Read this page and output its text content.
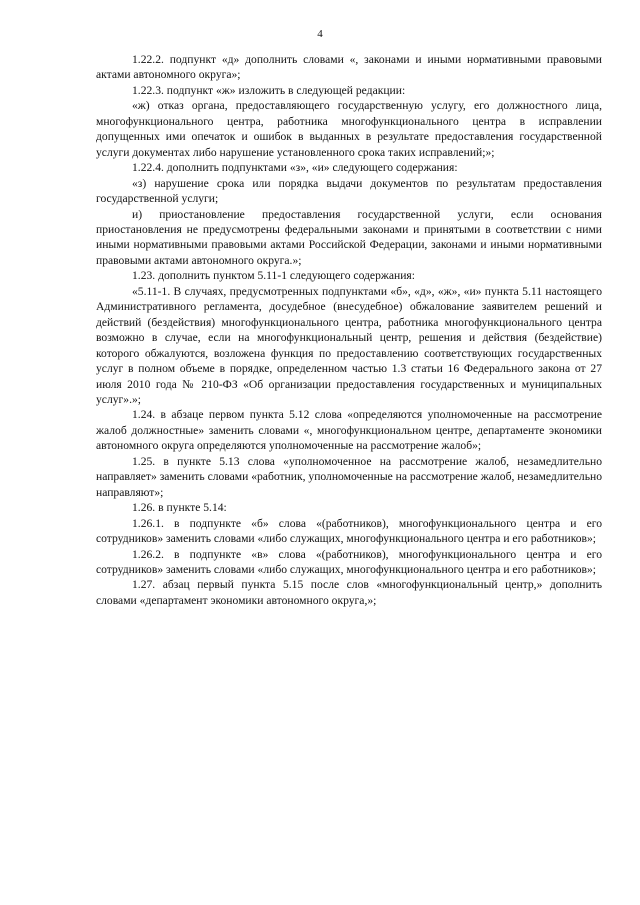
4

1.22.2. подпункт «д» дополнить словами «, законами и иными нормативными правовыми актами автономного округа»;

1.22.3. подпункт «ж» изложить в следующей редакции:

«ж) отказ органа, предоставляющего государственную услугу, его должностного лица, многофункционального центра, работника многофункционального центра в исправлении допущенных ими опечаток и ошибок в выданных в результате предоставления государственной услуги документах либо нарушение установленного срока таких исправлений;»;

1.22.4. дополнить подпунктами «з», «и» следующего содержания:

«з) нарушение срока или порядка выдачи документов по результатам предоставления государственной услуги;

и) приостановление предоставления государственной услуги, если основания приостановления не предусмотрены федеральными законами и принятыми в соответствии с ними иными нормативными правовыми актами Российской Федерации, законами и иными нормативными правовыми актами автономного округа.»;

1.23. дополнить пунктом 5.11-1 следующего содержания:

«5.11-1. В случаях, предусмотренных подпунктами «б», «д», «ж», «и» пункта 5.11 настоящего Административного регламента, досудебное (внесудебное) обжалование заявителем решений и действий (бездействия) многофункционального центра, работника многофункционального центра возможно в случае, если на многофункциональный центр, решения и действия (бездействие) которого обжалуются, возложена функция по предоставлению соответствующих государственных услуг в полном объеме в порядке, определенном частью 1.3 статьи 16 Федерального закона от 27 июля 2010 года № 210-ФЗ «Об организации предоставления государственных и муниципальных услуг».»;

1.24. в абзаце первом пункта 5.12 слова «определяются уполномоченные на рассмотрение жалоб должностные» заменить словами «, многофункциональном центре, департаменте экономики автономного округа определяются уполномоченные на рассмотрение жалоб»;

1.25. в пункте 5.13 слова «уполномоченное на рассмотрение жалоб, незамедлительно направляет» заменить словами «работник, уполномоченные на рассмотрение жалоб, незамедлительно направляют»;

1.26. в пункте 5.14:

1.26.1. в подпункте «б» слова «(работников), многофункционального центра и его сотрудников» заменить словами «либо служащих, многофункционального центра и его работников»;

1.26.2. в подпункте «в» слова «(работников), многофункционального центра и его сотрудников» заменить словами «либо служащих, многофункционального центра и его работников»;

1.27. абзац первый пункта 5.15 после слов «многофункциональный центр,» дополнить словами «департамент экономики автономного округа,»;
